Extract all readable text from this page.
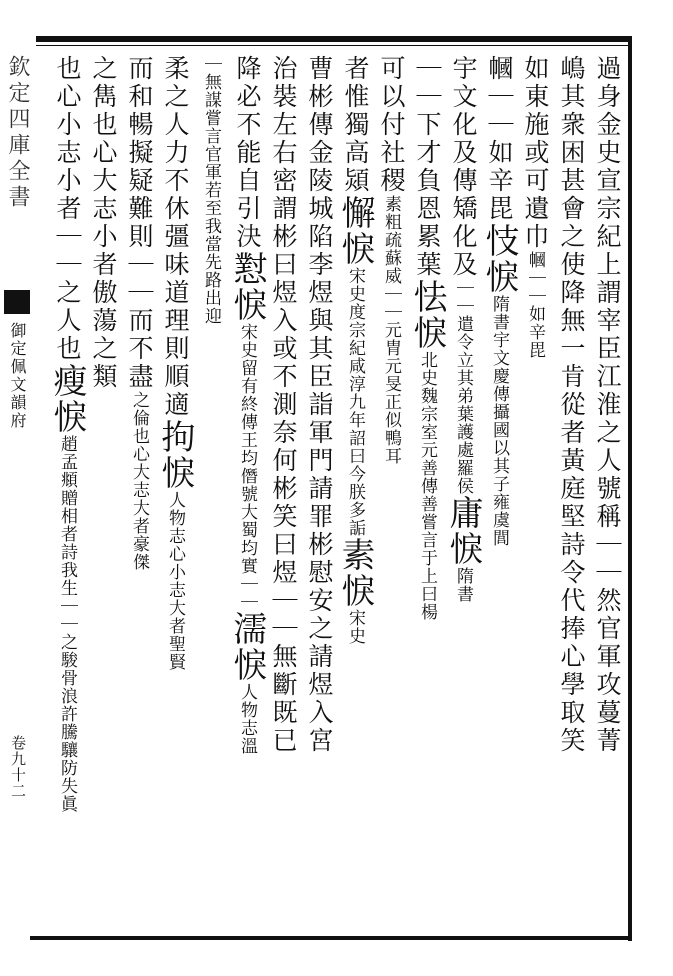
欽定四庫全書
御定佩文韻府
卷九十二
過身金史宣宗紀上謂宰臣江淮之人號稱｜｜然官軍攻蔓菁
嶋其衆困甚會之使降無一肯從者黃庭堅詩令代捧心學取笑
如東施或可遺巾幗｜｜如辛毘
幗｜｜如辛毘忮悷隋書宇文慶傳攝國以其子雍虞閭
宇文化及傳矯化及｜｜遣令立其弟葉護處羅侯庸悷隋書
｜｜下才負恩累葉怯悷北史魏宗室元善傳善嘗言于上曰楊
可以付社稷素粗疏蘇威｜｜元胄元旻正似鴨耳
者惟獨高熲懈悷宋史度宗紀咸淳九年詔曰今朕多詬素悷宋史
曹彬傳金陵城陷李煜與其臣詣軍門請罪彬慰安之請煜入宮
治裝左右密謂彬曰煜入或不測奈何彬笑曰煜｜｜無斷既已
降必不能自引決懟悷宋史留有終傳王均僭號大蜀均實｜｜濡悷人物志溫
｜無謀嘗言官軍若至我當先路出迎
柔之人力不休彊味道理則順適拘悷人物志心小志大者聖賢
而和暢擬疑難則｜｜而不盡之倫也心大志大者豪傑
之雋也心大志小者傲蕩之類
也心小志小者｜｜之人也瘦悷趙孟頫贈相者詩我生｜｜之駿骨浪許騰驤防失眞
